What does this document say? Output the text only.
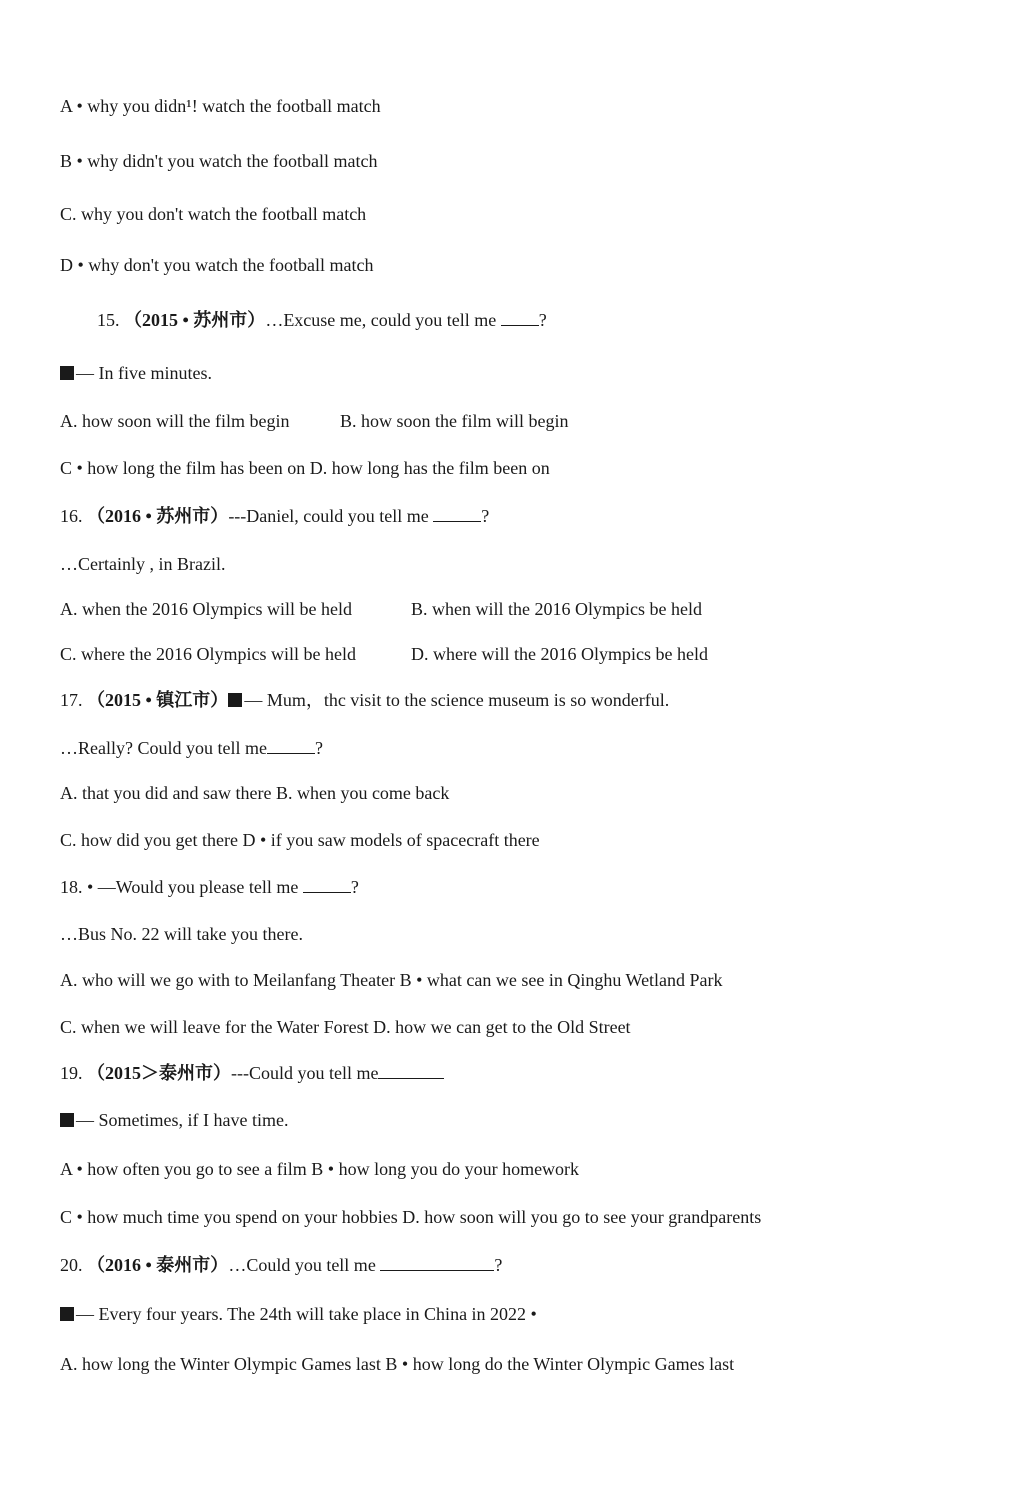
A • why you didn¹! watch the football match
B • why didn't you watch the football match
C. why you don't watch the football match
D • why don't you watch the football match
15. （2015 • 苏州市）…Excuse me, could you tell me ?
— In five minutes.
A. how soon will the film begin	B. how soon the film will begin
C • how long the film has been on D. how long has the film been on
16. （2016 • 苏州市）---Daniel, could you tell me	?
…Certainly , in Brazil.
A. when the 2016 Olympics will be held	B. when will the 2016 Olympics be held
C. where the 2016 Olympics will be held	D. where will the 2016 Olympics be held
17. （2015 • 镇江市） — Mum，thc visit to the science museum is so wonderful.
…Really? Could you tell me	?
A. that you did and saw there B. when you come back
C. how did you get there D • if you saw models of spacecraft there
18. • —Would you please tell me	?
…Bus No. 22 will take you there.
A. who will we go with to Meilanfang Theater B • what can we see in Qinghu Wetland Park
C. when we will leave for the Water Forest D. how we can get to the Old Street
19. （2015＞泰州市）---Could you tell me
— Sometimes, if I have time.
A • how often you go to see a film B • how long you do your homework
C • how much time you spend on your hobbies D. how soon will you go to see your grandparents
20. （2016 • 泰州市）…Could you tell me	?
— Every four years. The 24th will take place in China in 2022 •
A. how long the Winter Olympic Games last B • how long do the Winter Olympic Games last
